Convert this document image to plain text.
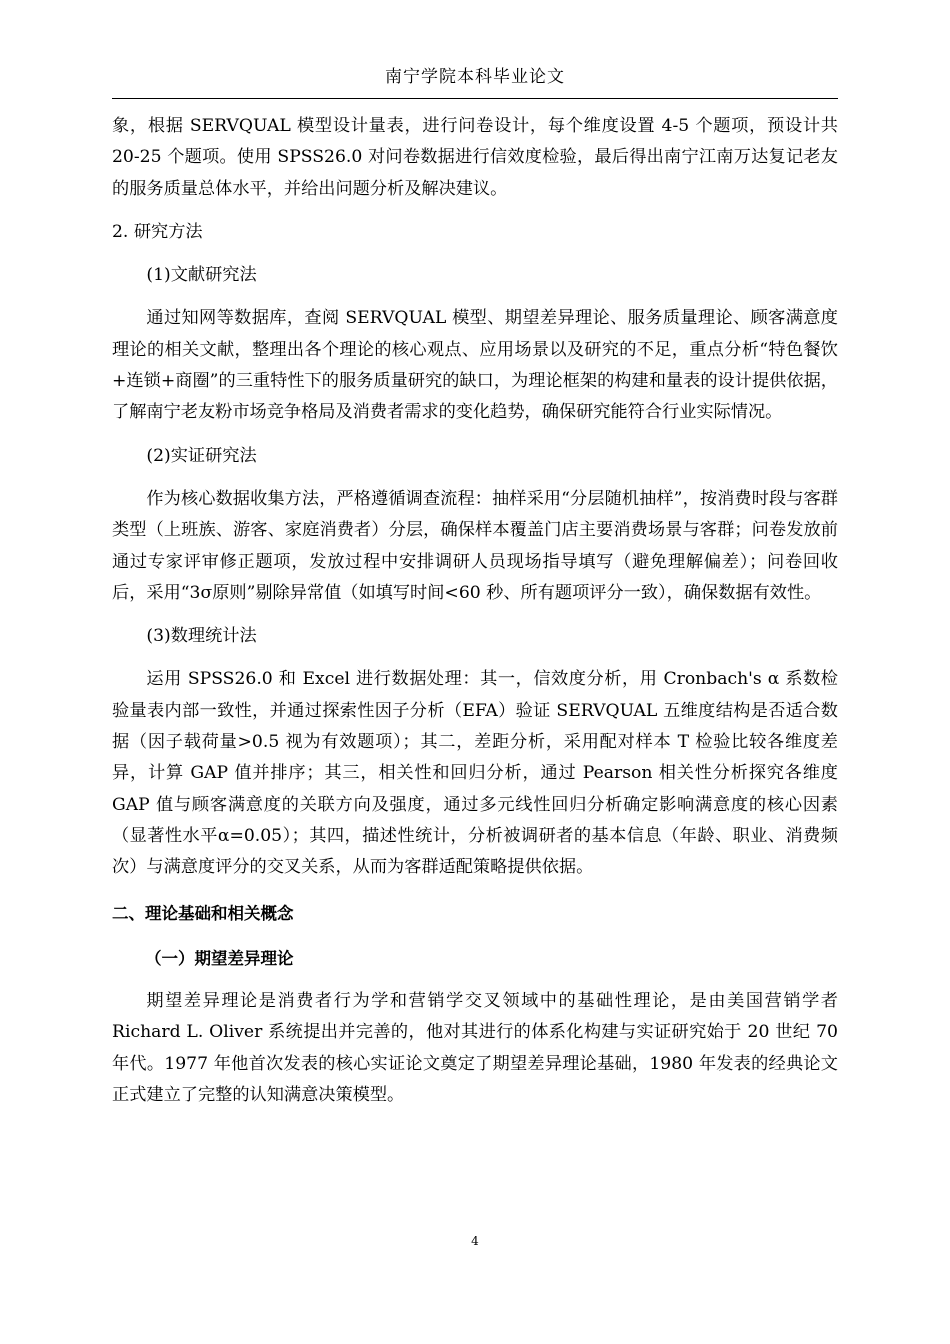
南宁学院本科毕业论文

象，根据 SERVQUAL 模型设计量表，进行问卷设计，每个维度设置 4-5 个题项，预设计共 20-25 个题项。使用 SPSS26.0 对问卷数据进行信效度检验，最后得出南宁江南万达复记老友的服务质量总体水平，并给出问题分析及解决建议。

2. 研究方法

(1)文献研究法

通过知网等数据库，查阅 SERVQUAL 模型、期望差异理论、服务质量理论、顾客满意度理论的相关文献，整理出各个理论的核心观点、应用场景以及研究的不足，重点分析“特色餐饮+连锁+商圈”的三重特性下的服务质量研究的缺口，为理论框架的构建和量表的设计提供依据，了解南宁老友粉市场竞争格局及消费者需求的变化趋势，确保研究能符合行业实际情况。

(2)实证研究法

作为核心数据收集方法，严格遵循调查流程：抽样采用“分层随机抽样”，按消费时段与客群类型（上班族、游客、家庭消费者）分层，确保样本覆盖门店主要消费场景与客群；问卷发放前通过专家评审修正题项，发放过程中安排调研人员现场指导填写（避免理解偏差）；问卷回收后，采用“3σ原则”剔除异常值（如填写时间<60 秒、所有题项评分一致），确保数据有效性。

(3)数理统计法

运用 SPSS26.0 和 Excel 进行数据处理：其一，信效度分析，用 Cronbach's α 系数检验量表内部一致性，并通过探索性因子分析（EFA）验证 SERVQUAL 五维度结构是否适合数据（因子载荷量>0.5 视为有效题项）；其二，差距分析，采用配对样本 T 检验比较各维度差异，计算 GAP 值并排序；其三，相关性和回归分析，通过 Pearson 相关性分析探究各维度 GAP 值与顾客满意度的关联方向及强度，通过多元线性回归分析确定影响满意度的核心因素（显著性水平α=0.05）；其四，描述性统计，分析被调研者的基本信息（年龄、职业、消费频次）与满意度评分的交叉关系，从而为客群适配策略提供依据。

二、理论基础和相关概念

（一）期望差异理论

期望差异理论是消费者行为学和营销学交叉领域中的基础性理论，是由美国营销学者 Richard L. Oliver 系统提出并完善的，他对其进行的体系化构建与实证研究始于 20 世纪 70 年代。1977 年他首次发表的核心实证论文奠定了期望差异理论基础，1980 年发表的经典论文正式建立了完整的认知满意决策模型。

4
